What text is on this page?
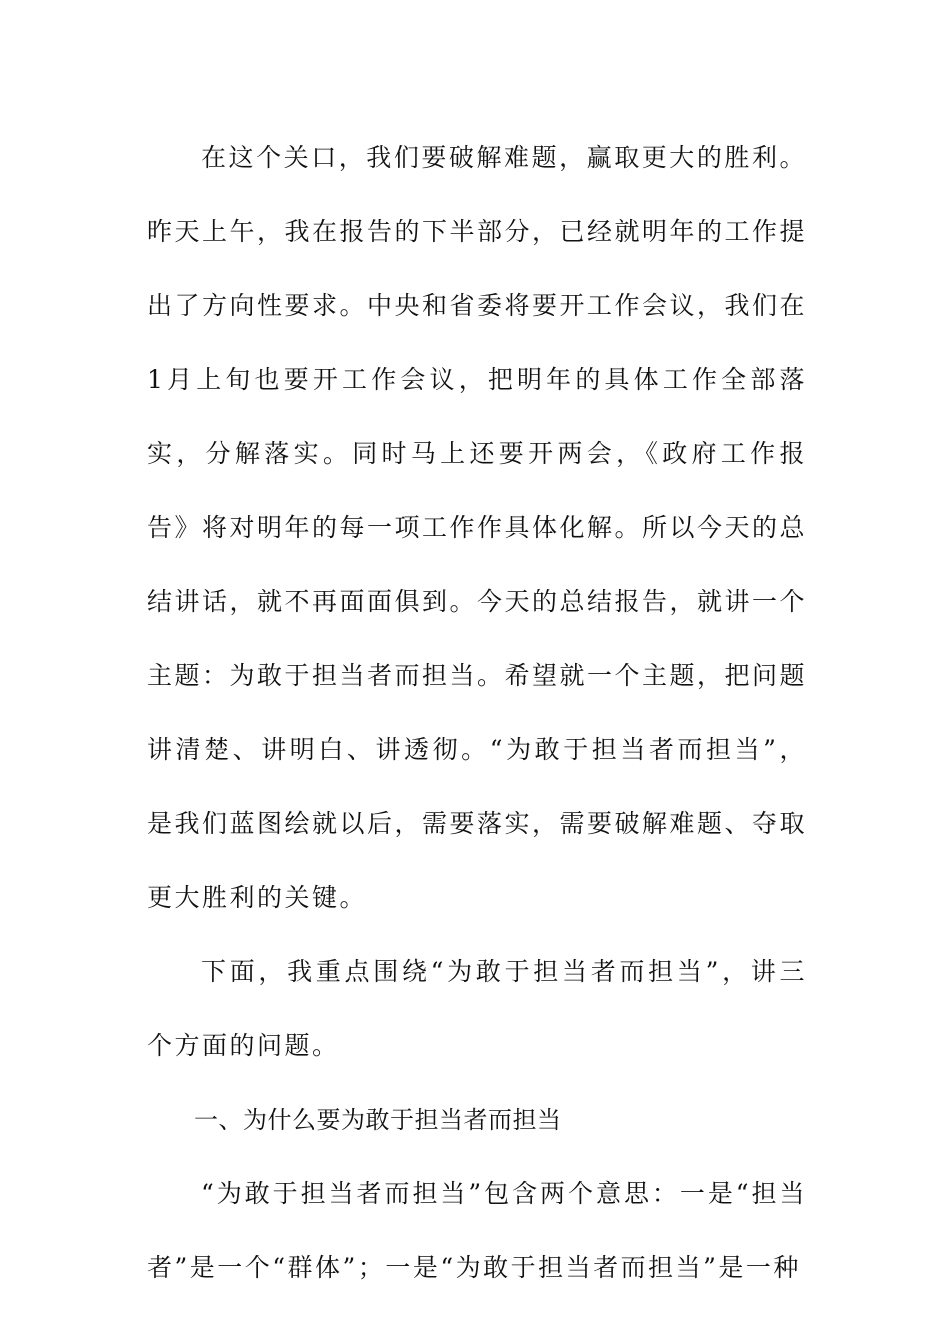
在这个关口，我们要破解难题，赢取更大的胜利。昨天上午，我在报告的下半部分，已经就明年的工作提出了方向性要求。中央和省委将要开工作会议，我们在1月上旬也要开工作会议，把明年的具体工作全部落实，分解落实。同时马上还要开两会，《政府工作报告》将对明年的每一项工作作具体化解。所以今天的总结讲话，就不再面面俱到。今天的总结报告，就讲一个主题：为敢于担当者而担当。希望就一个主题，把问题讲清楚、讲明白、讲透彻。“为敢于担当者而担当”，是我们蓝图绘就以后，需要落实，需要破解难题、夺取更大胜利的关键。

下面，我重点围绕“为敢于担当者而担当”，讲三个方面的问题。

一、为什么要为敢于担当者而担当

“为敢于担当者而担当”包含两个意思：一是“担当者”是一个“群体”；一是“为敢于担当者而担当”是一种
